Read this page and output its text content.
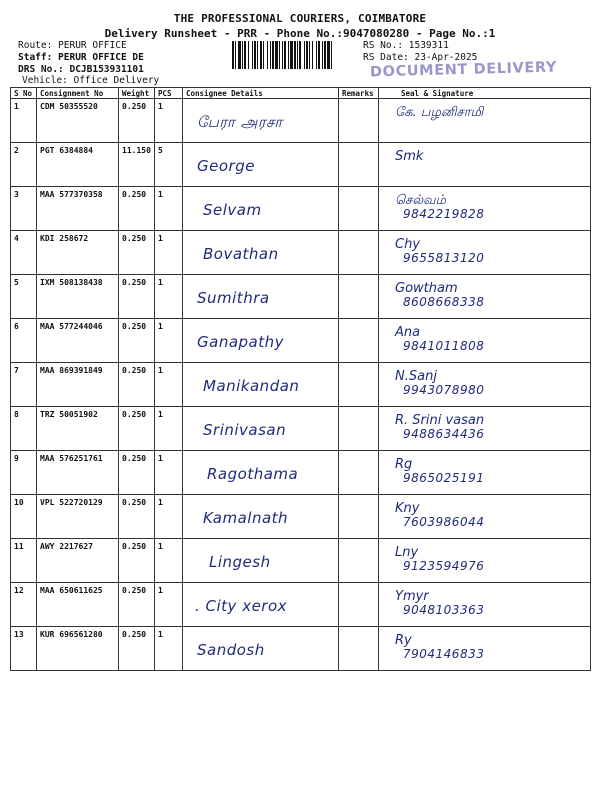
THE PROFESSIONAL COURIERS, COIMBATORE
Delivery Runsheet - PRR - Phone No.:9047080280 - Page No.:1
Route: PERUR OFFICE
Staff: PERUR OFFICE DE
DRS No.: DCJB153931101
Vehicle: Office Delivery
RS No.: 1539311
RS Date: 23-Apr-2025
DOCUMENT DELIVERY
S No	Consignment No	Weight	PCS	Consignee Details	Remarks	Seal & Signature
1	CDM 50355520	0.250	1	பேரா அரசா		கே. பழனிசாமி

2	PGT 6384884	11.150	5	George		Smk

3	MAA 577370358	0.250	1	Selvam		செல்வம்
9842219828

4	KDI 258672	0.250	1	Bovathan		Chy
9655813120

5	IXM 508138438	0.250	1	Sumithra		Gowtham
8608668338

6	MAA 577244046	0.250	1	Ganapathy		Ana
9841011808

7	MAA 869391849	0.250	1	Manikandan		N.Sanj
9943078980

8	TRZ 50051902	0.250	1	Srinivasan		R. Srini vasan
9488634436

9	MAA 576251761	0.250	1	Ragothama		Rg
9865025191

10	VPL 522720129	0.250	1	Kamalnath		Kny
7603986044

11	AWY 2217627	0.250	1	Lingesh		Lny
9123594976

12	MAA 650611625	0.250	1	. City xerox		Ymyr
9048103363

13	KUR 696561280	0.250	1	Sandosh		Ry
7904146833
